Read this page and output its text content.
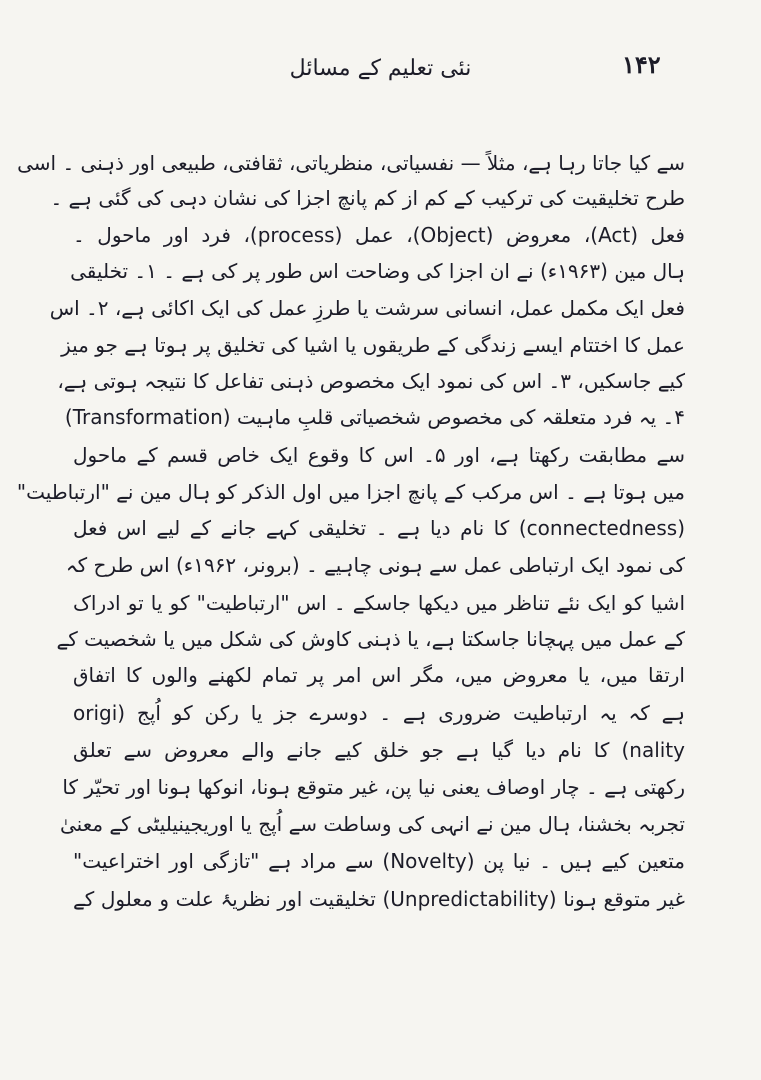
۱۴۲
نئی تعلیم کے مسائل
سے کیا جاتا رہا ہے، مثلاً — نفسیاتی، منظریاتی، ثقافتی، طبیعی اور ذہنی ۔ اسی
طرح تخلیقیت کی ترکیب کے کم از کم پانچ اجزا کی نشان دہی کی گئی ہے ۔
فعل (Act)، معروض (Object)، عمل (process)، فرد اور ماحول ۔
ہال مین (۱۹۶۳ء) نے ان اجزا کی وضاحت اس طور پر کی ہے ۔ ۱۔ تخلیقی
فعل ایک مکمل عمل، انسانی سرشت یا طرزِ عمل کی ایک اکائی ہے، ۲۔ اس
عمل کا اختتام ایسے زندگی کے طریقوں یا اشیا کی تخلیق پر ہوتا ہے جو میز
کیے جاسکیں، ۳۔ اس کی نمود ایک مخصوص ذہنی تفاعل کا نتیجہ ہوتی ہے،
۴۔ یہ فرد متعلقہ کی مخصوص شخصیاتی قلبِ ماہیت (Transformation)
سے مطابقت رکھتا ہے، اور ۵۔ اس کا وقوع ایک خاص قسم کے ماحول
میں ہوتا ہے ۔ اس مرکب کے پانچ اجزا میں اول الذکر کو ہال مین نے "ارتباطیت"
(connectedness) کا نام دیا ہے ۔ تخلیقی کہے جانے کے لیے اس فعل
کی نمود ایک ارتباطی عمل سے ہونی چاہیے ۔ (برونر، ۱۹۶۲ء) اس طرح کہ
اشیا کو ایک نئے تناظر میں دیکھا جاسکے ۔ اس "ارتباطیت" کو یا تو ادراک
کے عمل میں پہچانا جاسکتا ہے، یا ذہنی کاوش کی شکل میں یا شخصیت کے
ارتقا میں، یا معروض میں، مگر اس امر پر تمام لکھنے والوں کا اتفاق
ہے کہ یہ ارتباطیت ضروری ہے ۔ دوسرے جز یا رکن کو اُپج (origi
nality) کا نام دیا گیا ہے جو خلق کیے جانے والے معروض سے تعلق
رکھتی ہے ۔ چار اوصاف یعنی نیا پن، غیر متوقع ہونا، انوکھا ہونا اور تحیّر کا
تجربہ بخشنا، ہال مین نے انہی کی وساطت سے اُپج یا اوریجینیلیٹی کے معنیٰ
متعین کیے ہیں ۔ نیا پن (Novelty) سے مراد ہے "تازگی اور اختراعیت"
غیر متوقع ہونا (Unpredictability) تخلیقیت اور نظریۂ علت و معلول کے
